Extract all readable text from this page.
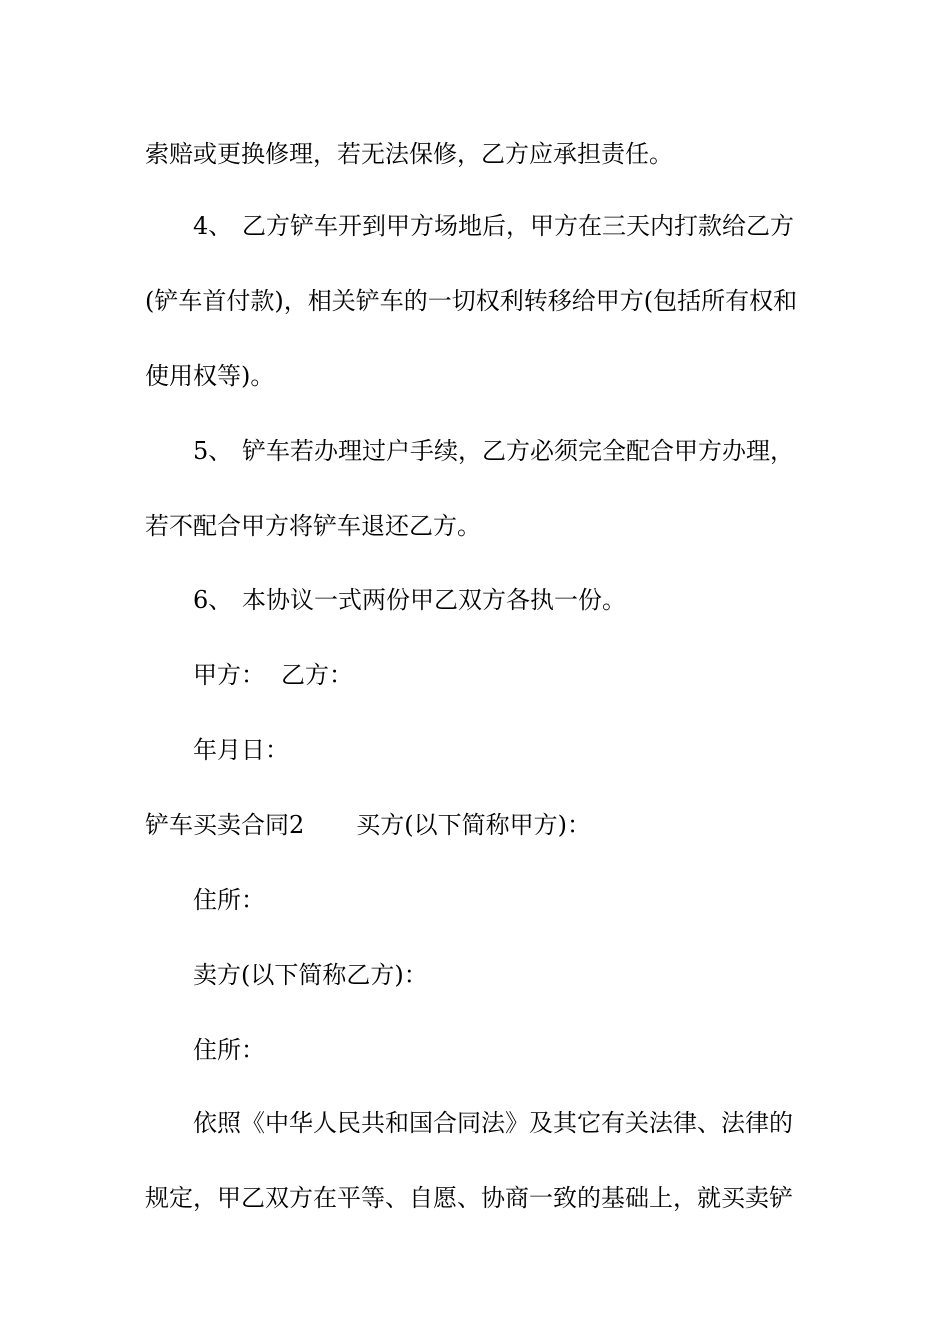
索赔或更换修理，若无法保修，乙方应承担责任。
4、 乙方铲车开到甲方场地后，甲方在三天内打款给乙方
(铲车首付款)，相关铲车的一切权利转移给甲方(包括所有权和
使用权等)。
5、 铲车若办理过户手续，乙方必须完全配合甲方办理，
若不配合甲方将铲车退还乙方。
6、 本协议一式两份甲乙双方各执一份。
甲方： 乙方：
年月日：
铲车买卖合同2 买方(以下简称甲方)：
住所：
卖方(以下简称乙方)：
住所：
依照《中华人民共和国合同法》及其它有关法律、法律的
规定，甲乙双方在平等、自愿、协商一致的基础上，就买卖铲
